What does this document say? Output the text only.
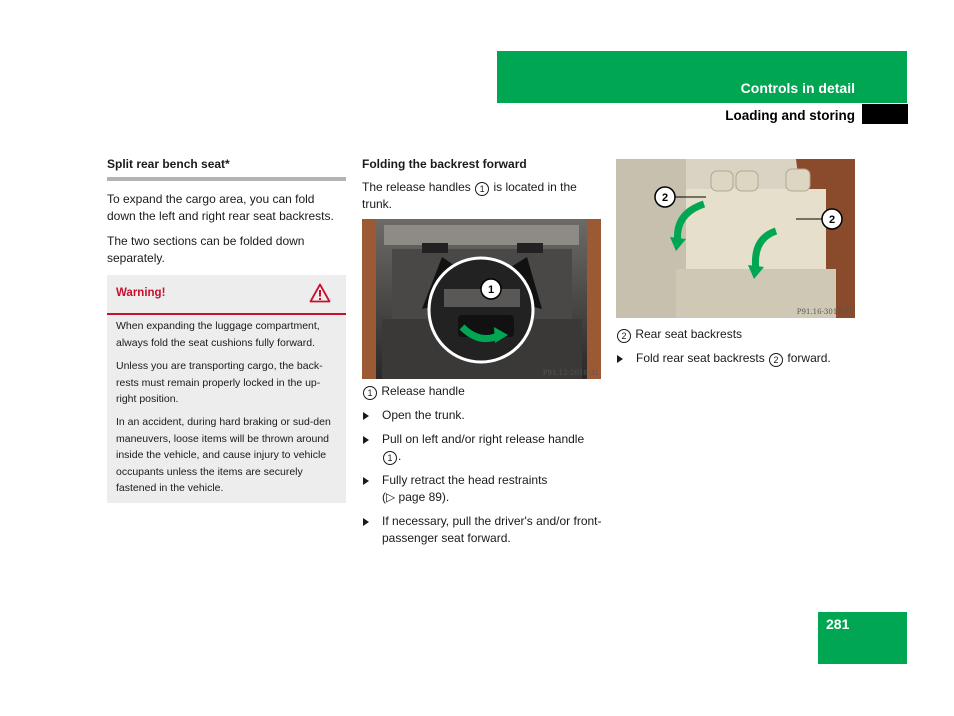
Controls in detail
Loading and storing
Split rear bench seat*

To expand the cargo area, you can fold down the left and right rear seat backrests.

The two sections can be folded down separately.

Warning!
When expanding the luggage compartment, always fold the seat cushions fully forward.
Unless you are transporting cargo, the back-rests must remain properly locked in the up-right position.
In an accident, during hard braking or sud-den maneuvers, loose items will be thrown around inside the vehicle, and cause injury to vehicle occupants unless the items are securely fastened in the vehicle.
Folding the backrest forward

The release handles 1 is located in the trunk.

1
P91.12-2016-31

1 Release handle

Open the trunk.

Pull on left and/or right release handle 1 .

Fully retract the head restraints
(▷ page 89).

If necessary, pull the driver's and/or front-passenger seat forward.

2
2
P91.16-3017-31

2 Rear seat backrests

Fold rear seat backrests 2 forward.

281
